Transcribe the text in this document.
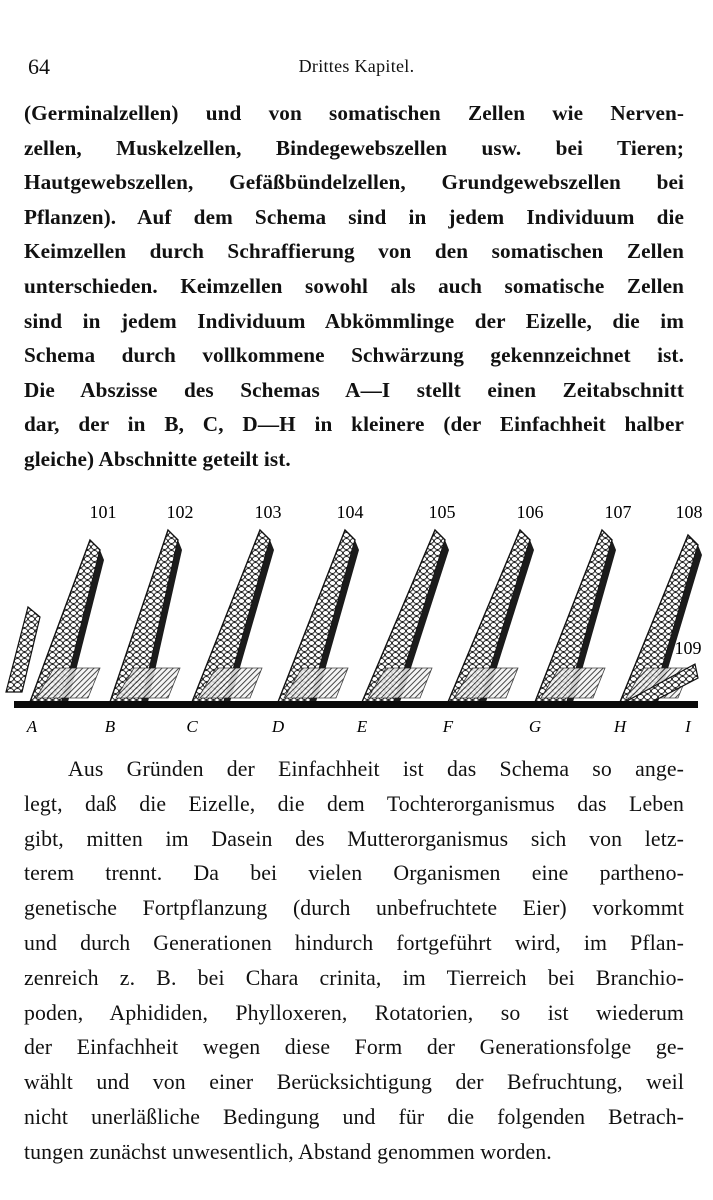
64	Drittes Kapitel.
(Germinalzellen) und von somatischen Zellen wie Nerven-
zellen, Muskelzellen, Bindegewebszellen usw. bei Tieren;
Hautgewebszellen, Gefäßbündelzellen, Grundgewebszellen bei
Pflanzen). Auf dem Schema sind in jedem Individuum die
Keimzellen durch Schraffierung von den somatischen Zellen
unterschieden. Keimzellen sowohl als auch somatische Zellen
sind in jedem Individuum Abkömmlinge der Eizelle, die im
Schema durch vollkommene Schwärzung gekennzeichnet ist.
Die Abszisse des Schemas A—I stellt einen Zeitabschnitt
dar, der in B, C, D—H in kleinere (der Einfachheit halber
gleiche) Abschnitte geteilt ist.
101	102	103	104	105	106	107 108
109
A	B	C	D	E	F	G	H	I
Aus Gründen der Einfachheit ist das Schema so ange-
legt, daß die Eizelle, die dem Tochterorganismus das Leben
gibt, mitten im Dasein des Mutterorganismus sich von letz-
terem trennt. Da bei vielen Organismen eine partheno-
genetische Fortpflanzung (durch unbefruchtete Eier) vorkommt
und durch Generationen hindurch fortgeführt wird, im Pflan-
zenreich z. B. bei Chara crinita, im Tierreich bei Branchio-
poden, Aphididen, Phylloxeren, Rotatorien, so ist wiederum
der Einfachheit wegen diese Form der Generationsfolge ge-
wählt und von einer Berücksichtigung der Befruchtung, weil
nicht unerläßliche Bedingung und für die folgenden Betrach-
tungen zunächst unwesentlich, Abstand genommen worden.
